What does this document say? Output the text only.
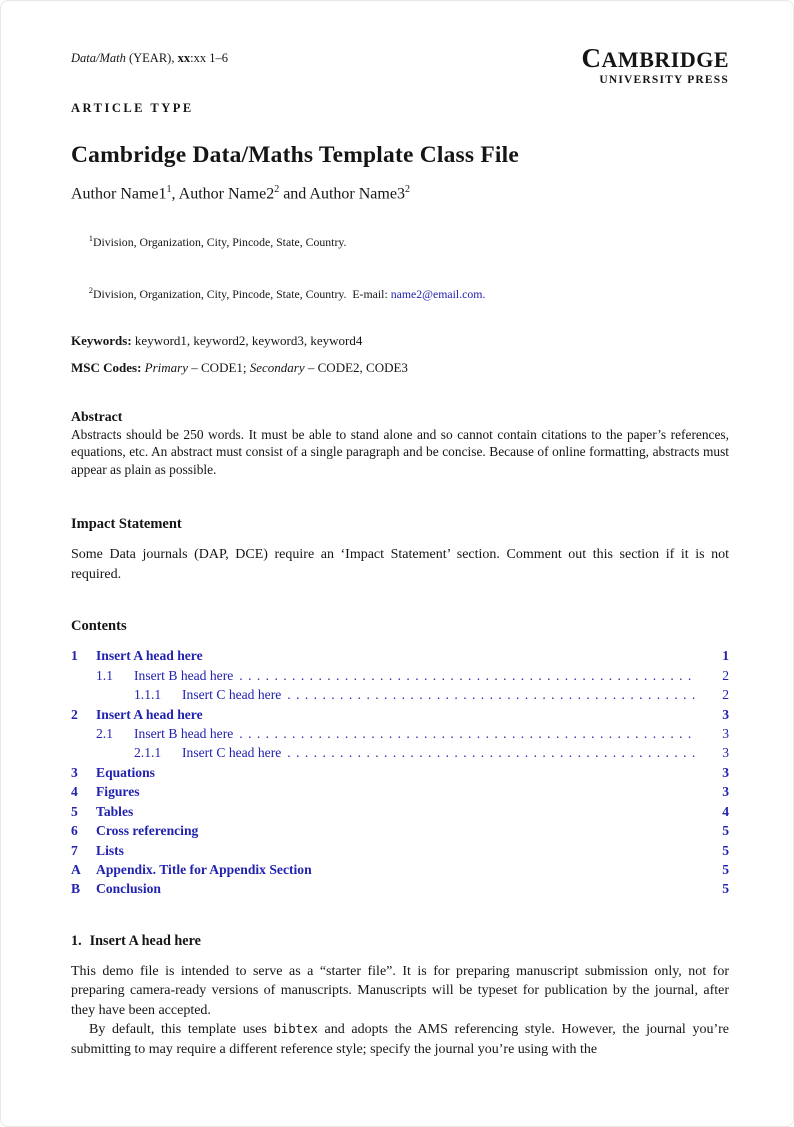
Data/Math (YEAR), xx:xx 1–6	CAMBRIDGE
UNIVERSITY PRESS
ARTICLE TYPE
Cambridge Data/Maths Template Class File
Author $Name1^1$, Author $Name2^2$ and Author $Name3^2$

$^1$Division, Organization, City, Pincode, State, Country.

$^2$Division, Organization, City, Pincode, State, Country.  E-mail: name2@email.com.

Keywords: keyword1, keyword2, keyword3, keyword4
MSC Codes: Primary – CODE1; Secondary – CODE2, CODE3
Abstract
Abstracts should be 250 words. It must be able to stand alone and so cannot contain citations to the paper’s references, equations, etc. An abstract must consist of a single paragraph and be concise. Because of online formatting, abstracts must appear as plain as possible.
Impact Statement
Some Data journals (DAP, DCE) require an ‘Impact Statement’ section. Comment out this section if it is not required.
Contents
1	Insert A head here	1
1.1	Insert B head here . . .	2
1.1.1	Insert C head here . . .	2
2	Insert A head here	3
2.1	Insert B head here . . .	3
2.1.1	Insert C head here . . .	3
3	Equations	3
4	Figures	3
5	Tables	4
6	Cross referencing	5
7	Lists	5
A	Appendix. Title for Appendix Section	5
B	Conclusion	5
1. Insert A head here

This demo file is intended to serve as a “starter file”. It is for preparing manuscript submission only, not for preparing camera-ready versions of manuscripts. Manuscripts will be typeset for publication by the journal, after they have been accepted.

By default, this template uses bibtex and adopts the AMS referencing style. However, the journal you’re submitting to may require a different reference style; specify the journal you’re using with the
